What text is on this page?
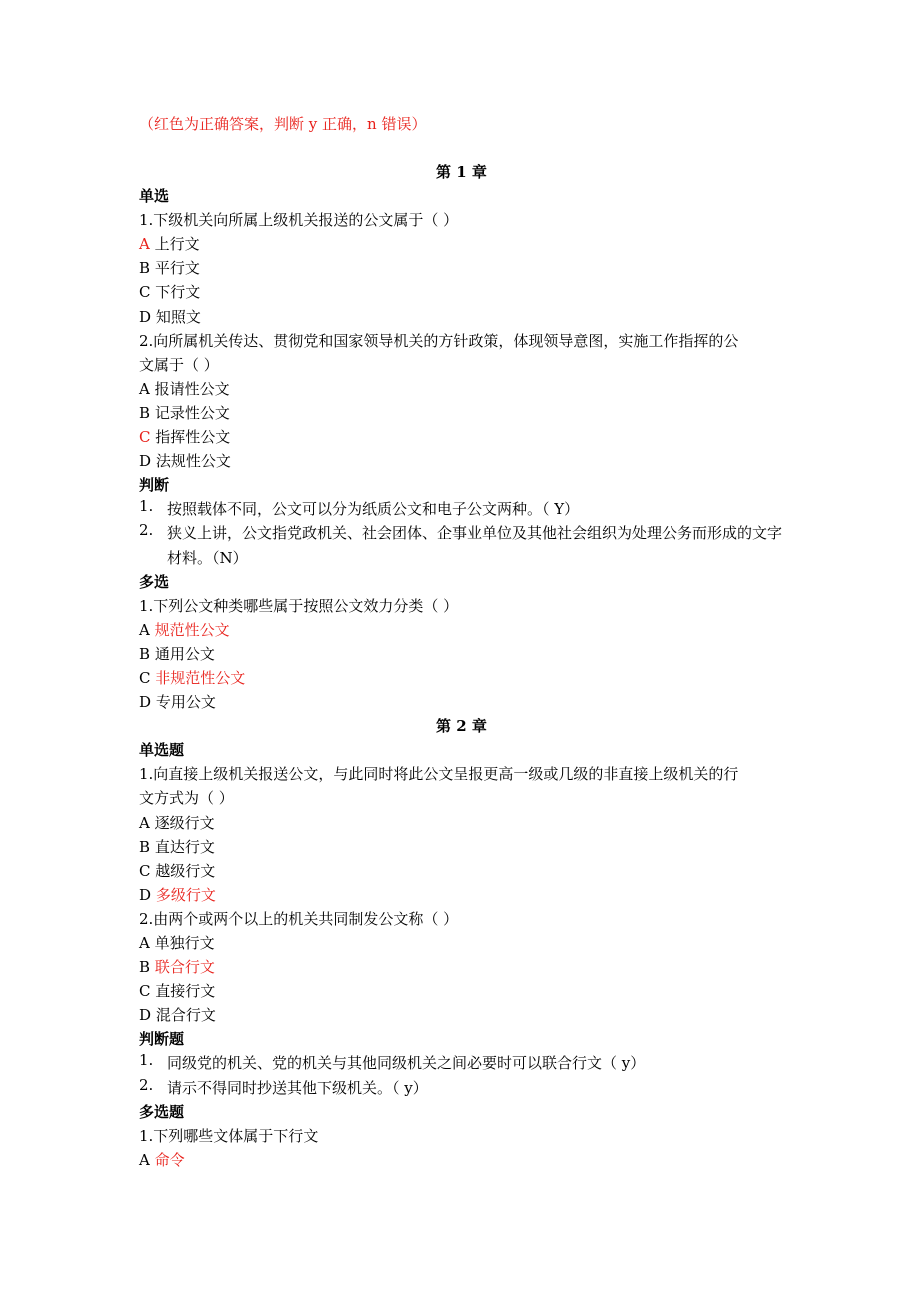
（红色为正确答案，判断 y 正确，n 错误）
第 1 章
单选
1.下级机关向所属上级机关报送的公文属于（ ）
A 上行文
B 平行文
C 下行文
D 知照文
2.向所属机关传达、贯彻党和国家领导机关的方针政策，体现领导意图，实施工作指挥的公
文属于（ ）
A 报请性公文
B 记录性公文
C 指挥性公文
D 法规性公文
判断
1. 按照载体不同，公文可以分为纸质公文和电子公文两种。（ Y）
2. 狭义上讲，公文指党政机关、社会团体、企事业单位及其他社会组织为处理公务而形成的文字材料。（N）
多选
1.下列公文种类哪些属于按照公文效力分类（ ）
A 规范性公文
B 通用公文
C 非规范性公文
D 专用公文
第 2 章
单选题
1.向直接上级机关报送公文，与此同时将此公文呈报更高一级或几级的非直接上级机关的行
文方式为（ ）
A 逐级行文
B 直达行文
C 越级行文
D 多级行文
2.由两个或两个以上的机关共同制发公文称（ ）
A 单独行文
B 联合行文
C 直接行文
D 混合行文
判断题
1. 同级党的机关、党的机关与其他同级机关之间必要时可以联合行文（ y）
2. 请示不得同时抄送其他下级机关。（ y）
多选题
1.下列哪些文体属于下行文
A 命令
